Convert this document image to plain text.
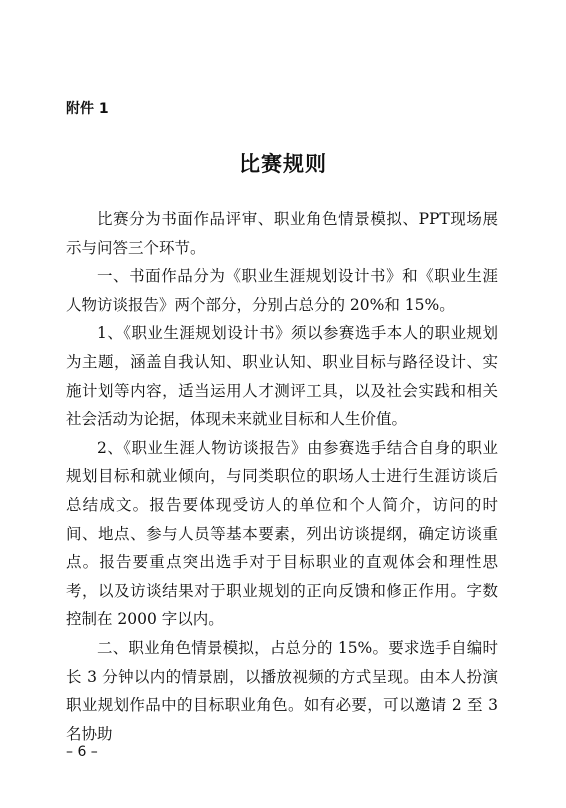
附件 1
比赛规则

比赛分为书面作品评审、职业角色情景模拟、PPT现场展示与问答三个环节。

一、书面作品分为《职业生涯规划设计书》和《职业生涯人物访谈报告》两个部分，分别占总分的 20%和 15%。

1、《职业生涯规划设计书》须以参赛选手本人的职业规划为主题，涵盖自我认知、职业认知、职业目标与路径设计、实施计划等内容，适当运用人才测评工具，以及社会实践和相关社会活动为论据，体现未来就业目标和人生价值。

2、《职业生涯人物访谈报告》由参赛选手结合自身的职业规划目标和就业倾向，与同类职位的职场人士进行生涯访谈后总结成文。报告要体现受访人的单位和个人简介，访问的时间、地点、参与人员等基本要素，列出访谈提纲，确定访谈重点。报告要重点突出选手对于目标职业的直观体会和理性思考，以及访谈结果对于职业规划的正向反馈和修正作用。字数控制在 2000 字以内。

二、职业角色情景模拟，占总分的 15%。要求选手自编时长 3 分钟以内的情景剧，以播放视频的方式呈现。由本人扮演职业规划作品中的目标职业角色。如有必要，可以邀请 2 至 3 名协助

– 6 –
